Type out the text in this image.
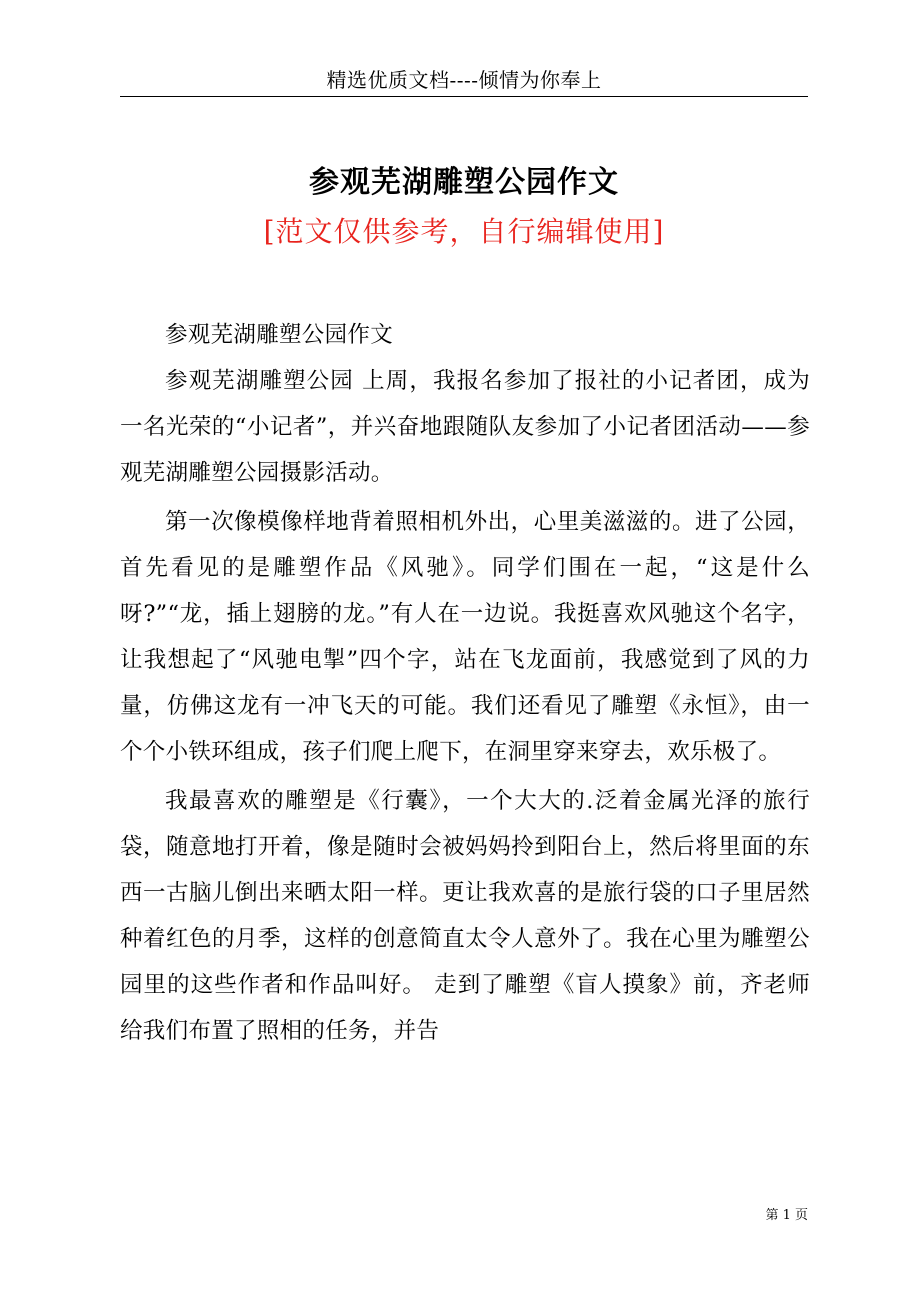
精选优质文档----倾情为你奉上
参观芜湖雕塑公园作文
[范文仅供参考，自行编辑使用]

参观芜湖雕塑公园作文

参观芜湖雕塑公园 上周，我报名参加了报社的小记者团，成为一名光荣的“小记者”，并兴奋地跟随队友参加了小记者团活动——参观芜湖雕塑公园摄影活动。

第一次像模像样地背着照相机外出，心里美滋滋的。进了公园，首先看见的是雕塑作品《风驰》。同学们围在一起，“这是什么呀?”“龙，插上翅膀的龙。”有人在一边说。我挺喜欢风驰这个名字，让我想起了“风驰电掣”四个字，站在飞龙面前，我感觉到了风的力量，仿佛这龙有一冲飞天的可能。我们还看见了雕塑《永恒》，由一个个小铁环组成，孩子们爬上爬下，在洞里穿来穿去，欢乐极了。

我最喜欢的雕塑是《行囊》，一个大大的.泛着金属光泽的旅行袋，随意地打开着，像是随时会被妈妈拎到阳台上，然后将里面的东西一古脑儿倒出来晒太阳一样。更让我欢喜的是旅行袋的口子里居然种着红色的月季，这样的创意简直太令人意外了。我在心里为雕塑公园里的这些作者和作品叫好。 走到了雕塑《盲人摸象》前，齐老师给我们布置了照相的任务，并告

第 1 页
